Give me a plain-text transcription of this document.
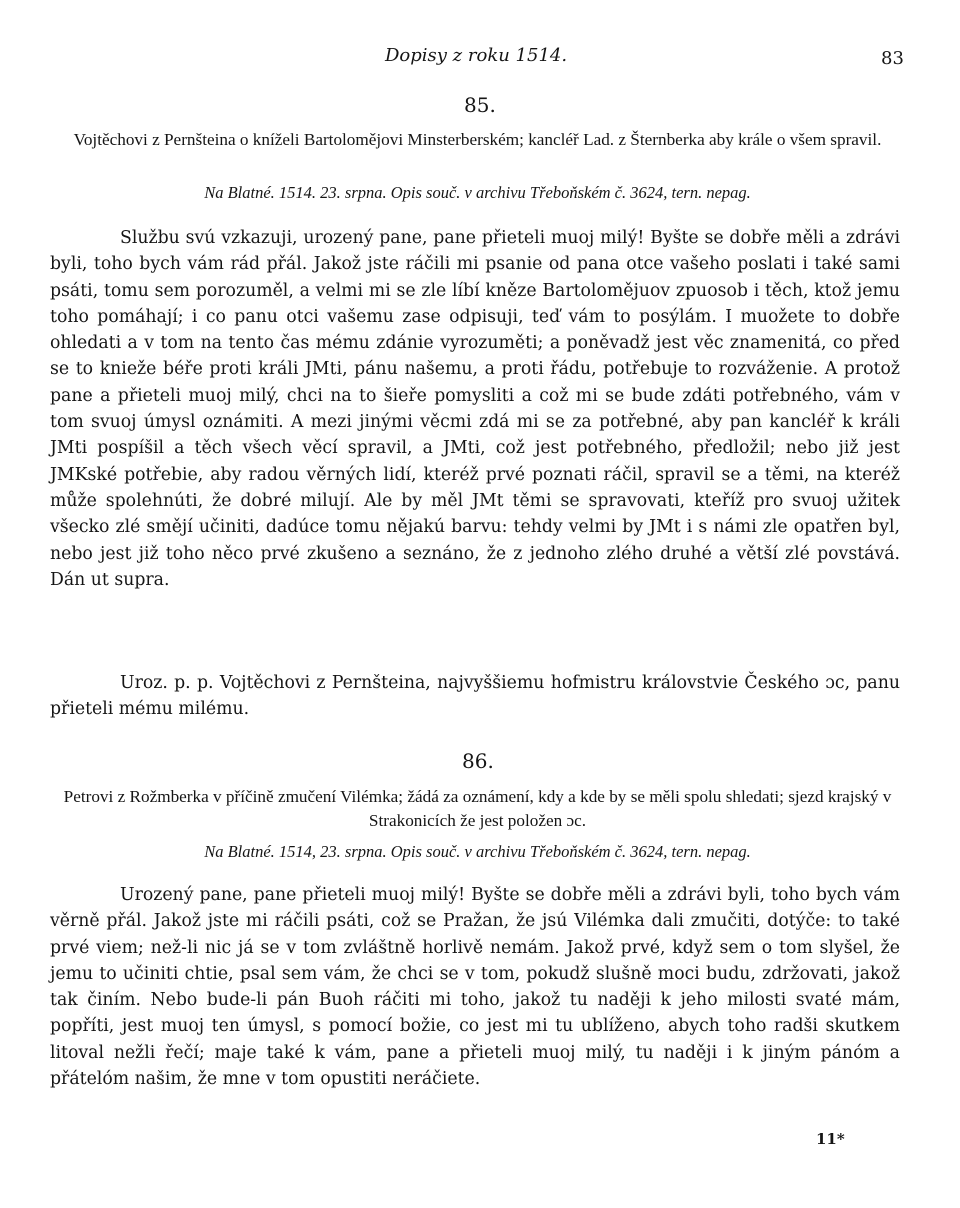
Dopisy z roku 1514.	83
85.
Vojtěchovi z Pernšteina o kníželi Bartolomějovi Minsterberském; kancléř Lad. z Šternberka aby krále o všem spravil.
Na Blatné. 1514. 23. srpna. Opis souč. v archivu Třeboňském č. 3624, tern. nepag.

Službu svú vzkazuji, urozený pane, pane přieteli muoj milý! Byšte se dobře měli a zdrávi byli, toho bych vám rád přál. Jakož jste ráčili mi psanie od pana otce vašeho poslati i také sami psáti, tomu sem porozuměl, a velmi mi se zle líbí kněze Bartolomějuov zpuosob i těch, ktož jemu toho pomáhají; i co panu otci vašemu zase odpisuji, teď vám to posýlám. I muožete to dobře ohledati a v tom na tento čas mému zdánie vyrozuměti; a poněvadž jest věc znamenitá, co před se to knieže béře proti králi JMti, pánu našemu, a proti řádu, potřebuje to rozváženie. A protož pane a přieteli muoj milý, chci na to šieře pomysliti a což mi se bude zdáti potřebného, vám v tom svuoj úmysl oznámiti. A mezi jinými věcmi zdá mi se za potřebné, aby pan kancléř k králi JMti pospíšil a těch všech věcí spravil, a JMti, což jest potřebného, předložil; nebo již jest JMKské potřebie, aby radou věrných lidí, kteréž prvé poznati ráčil, spravil se a těmi, na kteréž může spolehnúti, že dobré milují. Ale by měl JMt těmi se spravovati, kteříž pro svuoj užitek všecko zlé smějí učiniti, dadúce tomu nějakú barvu: tehdy velmi by JMt i s námi zle opatřen byl, nebo jest již toho něco prvé zkušeno a seznáno, že z jednoho zlého druhé a větší zlé povstává. Dán ut supra.

Uroz. p. p. Vojtěchovi z Pernšteina, najvyššiemu hofmistru královstvie Českého ɔc, panu přieteli mému milému.

86.
Petrovi z Rožmberka v příčině zmučení Vilémka; žádá za oznámení, kdy a kde by se měli spolu shledati; sjezd krajský v Strakonicích že jest položen ɔc.
Na Blatné. 1514, 23. srpna. Opis souč. v archivu Třeboňském č. 3624, tern. nepag.

Urozený pane, pane přieteli muoj milý! Byšte se dobře měli a zdrávi byli, toho bych vám věrně přál. Jakož jste mi ráčili psáti, což se Pražan, že jsú Vilémka dali zmučiti, dotýče: to také prvé viem; než-li nic já se v tom zvláštně horlivě nemám. Jakož prvé, když sem o tom slyšel, že jemu to učiniti chtie, psal sem vám, že chci se v tom, pokudž slušně moci budu, zdržovati, jakož tak činím. Nebo bude-li pán Buoh ráčiti mi toho, jakož tu naději k jeho milosti svaté mám, popříti, jest muoj ten úmysl, s pomocí božie, co jest mi tu ublíženo, abych toho radši skutkem litoval nežli řečí; maje také k vám, pane a přieteli muoj milý, tu naději i k jiným pánóm a přátelóm našim, že mne v tom opustiti neráčiete.

11*
